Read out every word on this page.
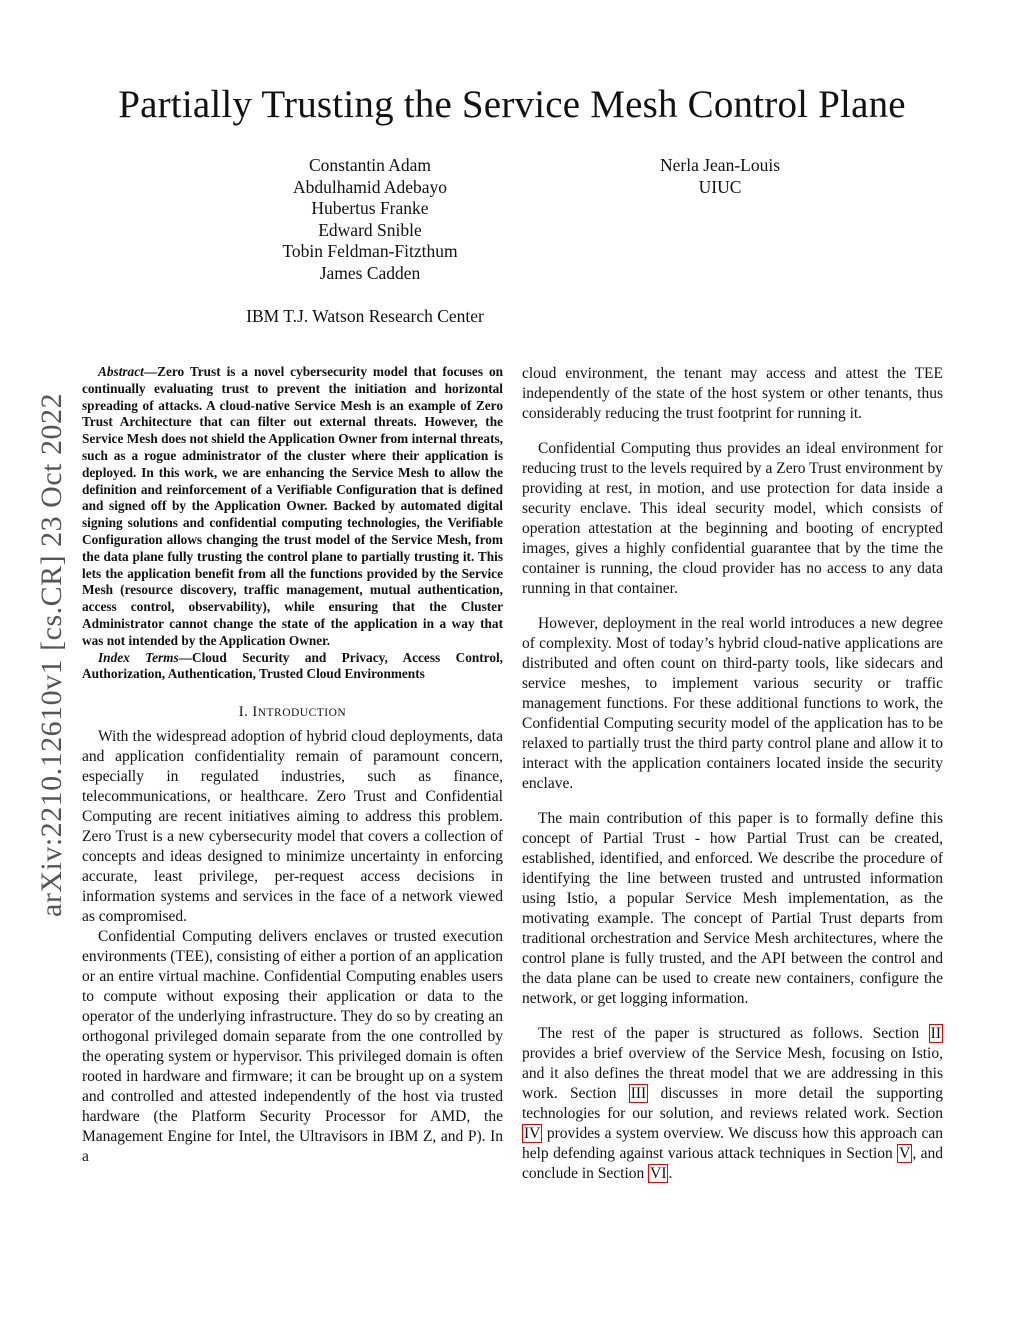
Partially Trusting the Service Mesh Control Plane
Constantin Adam
Abdulhamid Adebayo
Hubertus Franke
Edward Snible
Tobin Feldman-Fitzthum
James Cadden
Nerla Jean-Louis
UIUC
IBM T.J. Watson Research Center
arXiv:2210.12610v1 [cs.CR] 23 Oct 2022

Abstract—Zero Trust is a novel cybersecurity model that focuses on continually evaluating trust to prevent the initiation and horizontal spreading of attacks. A cloud-native Service Mesh is an example of Zero Trust Architecture that can filter out external threats. However, the Service Mesh does not shield the Application Owner from internal threats, such as a rogue administrator of the cluster where their application is deployed. In this work, we are enhancing the Service Mesh to allow the definition and reinforcement of a Verifiable Configuration that is defined and signed off by the Application Owner. Backed by automated digital signing solutions and confidential computing technologies, the Verifiable Configuration allows changing the trust model of the Service Mesh, from the data plane fully trusting the control plane to partially trusting it. This lets the application benefit from all the functions provided by the Service Mesh (resource discovery, traffic management, mutual authentication, access control, observability), while ensuring that the Cluster Administrator cannot change the state of the application in a way that was not intended by the Application Owner.

Index Terms—Cloud Security and Privacy, Access Control, Authorization, Authentication, Trusted Cloud Environments

I. INTRODUCTION

With the widespread adoption of hybrid cloud deployments, data and application confidentiality remain of paramount concern, especially in regulated industries, such as finance, telecommunications, or healthcare. Zero Trust and Confidential Computing are recent initiatives aiming to address this problem. Zero Trust is a new cybersecurity model that covers a collection of concepts and ideas designed to minimize uncertainty in enforcing accurate, least privilege, per-request access decisions in information systems and services in the face of a network viewed as compromised.

Confidential Computing delivers enclaves or trusted execution environments (TEE), consisting of either a portion of an application or an entire virtual machine. Confidential Computing enables users to compute without exposing their application or data to the operator of the underlying infrastructure. They do so by creating an orthogonal privileged domain separate from the one controlled by the operating system or hypervisor. This privileged domain is often rooted in hardware and firmware; it can be brought up on a system and controlled and attested independently of the host via trusted hardware (the Platform Security Processor for AMD, the Management Engine for Intel, the Ultravisors in IBM Z, and P). In a

cloud environment, the tenant may access and attest the TEE independently of the state of the host system or other tenants, thus considerably reducing the trust footprint for running it.

Confidential Computing thus provides an ideal environment for reducing trust to the levels required by a Zero Trust environment by providing at rest, in motion, and use protection for data inside a security enclave. This ideal security model, which consists of operation attestation at the beginning and booting of encrypted images, gives a highly confidential guarantee that by the time the container is running, the cloud provider has no access to any data running in that container.

However, deployment in the real world introduces a new degree of complexity. Most of today’s hybrid cloud-native applications are distributed and often count on third-party tools, like sidecars and service meshes, to implement various security or traffic management functions. For these additional functions to work, the Confidential Computing security model of the application has to be relaxed to partially trust the third party control plane and allow it to interact with the application containers located inside the security enclave.

The main contribution of this paper is to formally define this concept of Partial Trust - how Partial Trust can be created, established, identified, and enforced. We describe the procedure of identifying the line between trusted and untrusted information using Istio, a popular Service Mesh implementation, as the motivating example. The concept of Partial Trust departs from traditional orchestration and Service Mesh architectures, where the control plane is fully trusted, and the API between the control and the data plane can be used to create new containers, configure the network, or get logging information.

The rest of the paper is structured as follows. Section II provides a brief overview of the Service Mesh, focusing on Istio, and it also defines the threat model that we are addressing in this work. Section III discusses in more detail the supporting technologies for our solution, and reviews related work. Section IV provides a system overview. We discuss how this approach can help defending against various attack techniques in Section V , and conclude in Section VI .
